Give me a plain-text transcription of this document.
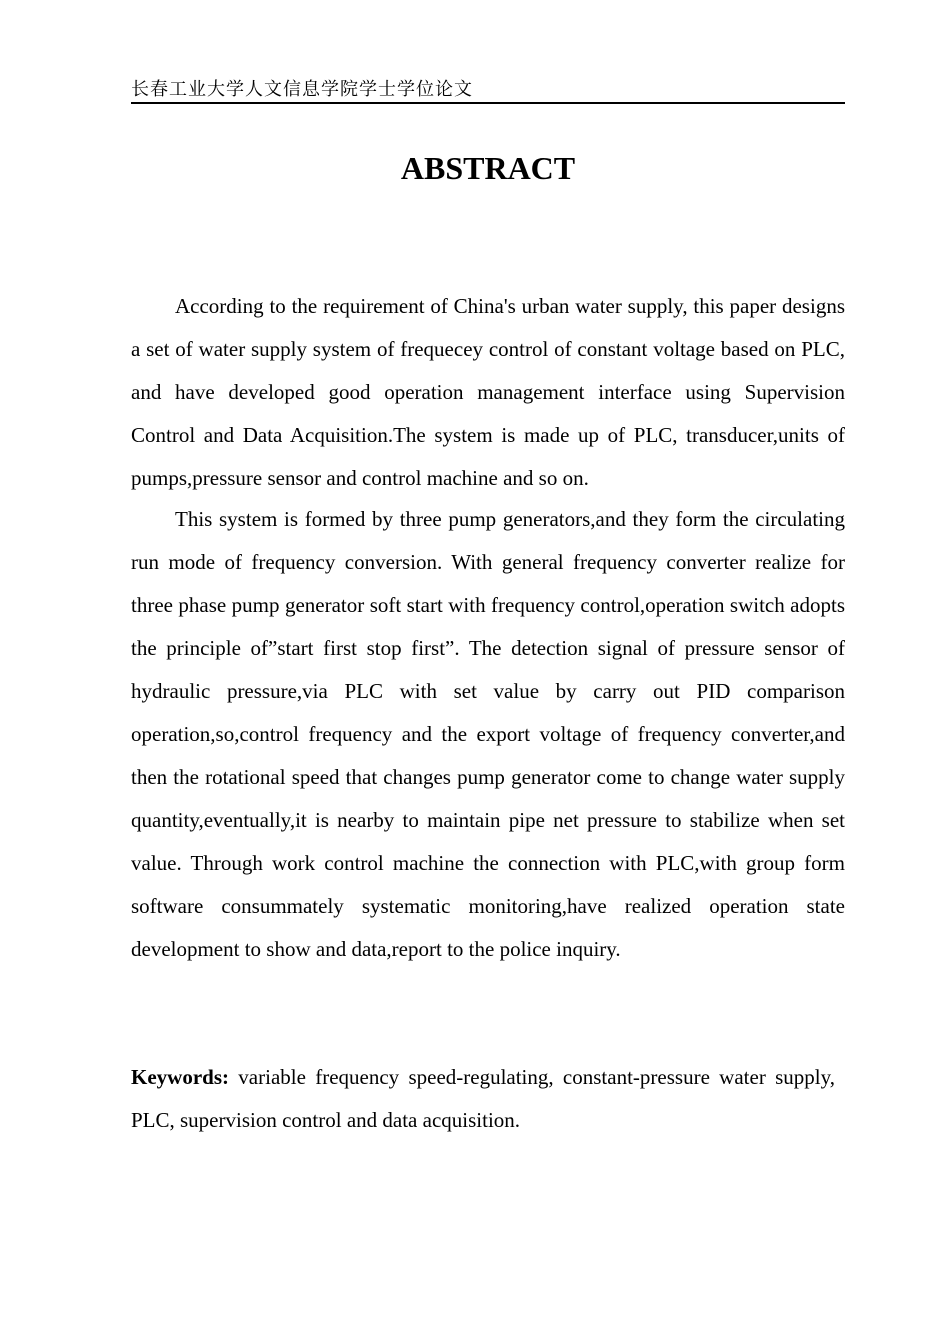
长春工业大学人文信息学院学士学位论文
ABSTRACT

According to the requirement of China's urban water supply, this paper designs a set of water supply system of frequecey control of constant voltage based on PLC, and have developed good operation management interface using Supervision Control and Data Acquisition.The system is made up of PLC, transducer,units of pumps,pressure sensor and control machine and so on.

This system is formed by three pump generators,and they form the circulating run mode of frequency conversion. With general frequency converter realize for three phase pump generator soft start with frequency control,operation switch adopts the principle of”start first stop first”. The detection signal of pressure sensor of hydraulic pressure,via PLC with set value by carry out PID comparison operation,so,control frequency and the export voltage of frequency converter,and then the rotational speed that changes pump generator come to change water supply quantity,eventually,it is nearby to maintain pipe net pressure to stabilize when set value. Through work control machine the connection with PLC,with group form software consummately systematic monitoring,have realized operation state development to show and data,report to the police inquiry.

Keywords: variable frequency speed-regulating, constant-pressure water supply, PLC, supervision control and data acquisition.
